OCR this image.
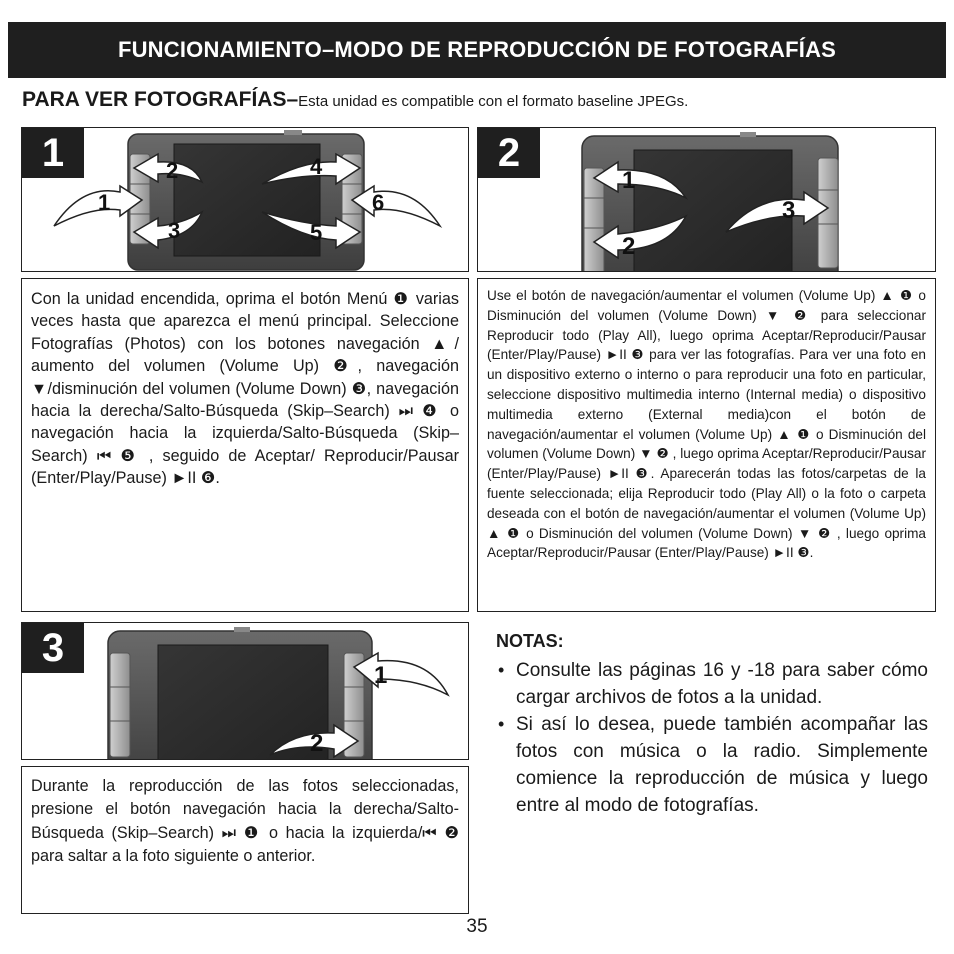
FUNCIONAMIENTO–MODO DE REPRODUCCIÓN DE FOTOGRAFÍAS
PARA VER FOTOGRAFÍAS–Esta unidad es compatible con el formato baseline JPEGs.
2
3
4
5
1	6
1
Con la unidad encendida, oprima el botón Menú ❶ varias veces hasta que aparezca el menú principal. Seleccione Fotografías (Photos) con los botones navegación ▲/ aumento del volumen (Volume Up) ❷, navegación ▼/disminución del volumen (Volume Down) ❸, navegación hacia la derecha/Salto-Búsqueda (Skip–Search) ⏭ ❹ o navegación hacia la izquierda/Salto-Búsqueda (Skip–Search) ⏮ ❺ , seguido de Aceptar/ Reproducir/Pausar (Enter/Play/Pause) ►II ❻.
1
2
3
2
Use el botón de navegación/aumentar el volumen (Volume Up) ▲ ❶ o Disminución del volumen (Volume Down) ▼ ❷ para seleccionar Reproducir todo (Play All), luego oprima Aceptar/Reproducir/Pausar (Enter/Play/Pause) ►II ❸ para ver las fotografías. Para ver una foto en un dispositivo externo o interno o para reproducir una foto en particular, seleccione dispositivo multimedia interno (Internal media) o dispositivo multimedia externo (External media)con el botón de navegación/aumentar el volumen (Volume Up) ▲ ❶ o Disminución del volumen (Volume Down) ▼ ❷ , luego oprima Aceptar/Reproducir/Pausar (Enter/Play/Pause) ►II ❸. Aparecerán todas las fotos/carpetas de la fuente seleccionada; elija Reproducir todo (Play All) o la foto o carpeta deseada con el botón de navegación/aumentar el volumen (Volume Up) ▲ ❶ o Disminución del volumen (Volume Down) ▼ ❷ , luego oprima Aceptar/Reproducir/Pausar (Enter/Play/Pause) ►II ❸.
1
2
3
Durante la reproducción de las fotos seleccionadas, presione el botón navegación hacia la derecha/Salto-Búsqueda (Skip–Search) ⏭ ❶ o hacia la izquierda/⏮ ❷ para saltar a la foto siguiente o anterior.
NOTAS:
• Consulte las páginas 16 y -18 para saber cómo cargar archivos de fotos a la unidad.
• Si así lo desea, puede también acompañar las fotos con música o la radio. Simplemente comience la reproducción de música y luego entre al modo de fotografías.
35
